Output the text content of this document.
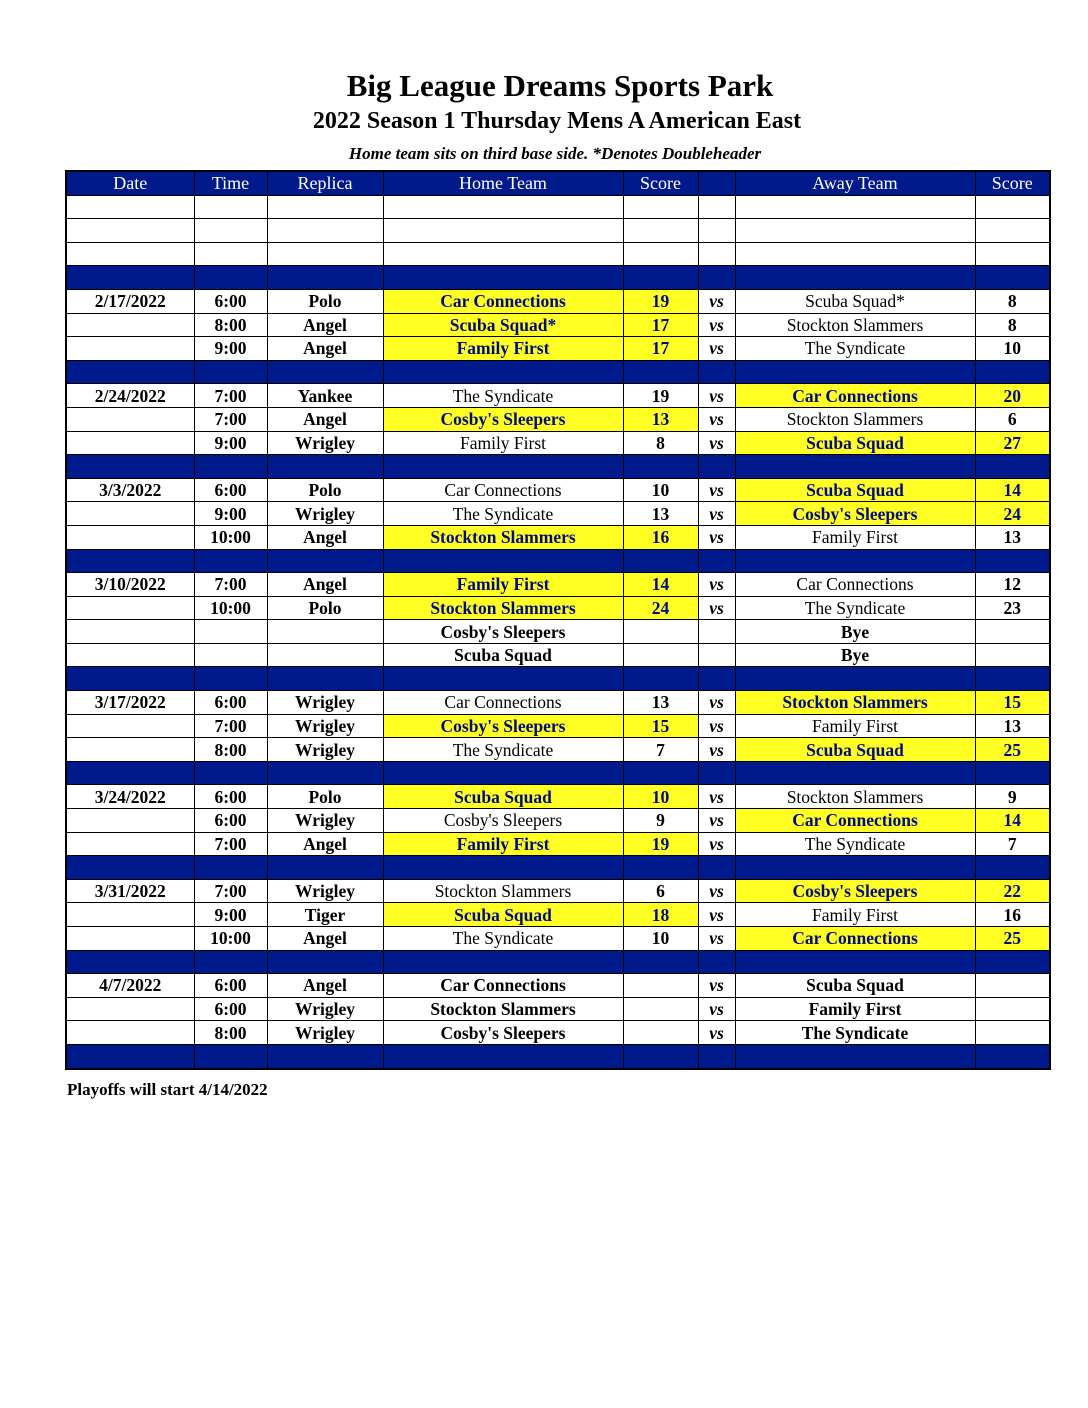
Big League Dreams Sports Park
2022 Season 1 Thursday Mens A American East
Home team sits on third base side. *Denotes Doubleheader
Date	Time	Replica	Home Team	Score		Away Team	Score

2/17/2022	6:00	Polo	Car Connections	19	vs	Scuba Squad*	8
	8:00	Angel	Scuba Squad*	17	vs	Stockton Slammers	8
	9:00	Angel	Family First	17	vs	The Syndicate	10

2/24/2022	7:00	Yankee	The Syndicate	19	vs	Car Connections	20
	7:00	Angel	Cosby's Sleepers	13	vs	Stockton Slammers	6
	9:00	Wrigley	Family First	8	vs	Scuba Squad	27

3/3/2022	6:00	Polo	Car Connections	10	vs	Scuba Squad	14
	9:00	Wrigley	The Syndicate	13	vs	Cosby's Sleepers	24
	10:00	Angel	Stockton Slammers	16	vs	Family First	13

3/10/2022	7:00	Angel	Family First	14	vs	Car Connections	12
	10:00	Polo	Stockton Slammers	24	vs	The Syndicate	23
			Cosby's Sleepers			Bye	
			Scuba Squad			Bye	

3/17/2022	6:00	Wrigley	Car Connections	13	vs	Stockton Slammers	15
	7:00	Wrigley	Cosby's Sleepers	15	vs	Family First	13
	8:00	Wrigley	The Syndicate	7	vs	Scuba Squad	25

3/24/2022	6:00	Polo	Scuba Squad	10	vs	Stockton Slammers	9
	6:00	Wrigley	Cosby's Sleepers	9	vs	Car Connections	14
	7:00	Angel	Family First	19	vs	The Syndicate	7

3/31/2022	7:00	Wrigley	Stockton Slammers	6	vs	Cosby's Sleepers	22
	9:00	Tiger	Scuba Squad	18	vs	Family First	16
	10:00	Angel	The Syndicate	10	vs	Car Connections	25

4/7/2022	6:00	Angel	Car Connections		vs	Scuba Squad	
	6:00	Wrigley	Stockton Slammers		vs	Family First	
	8:00	Wrigley	Cosby's Sleepers		vs	The Syndicate	

Playoffs will start 4/14/2022
